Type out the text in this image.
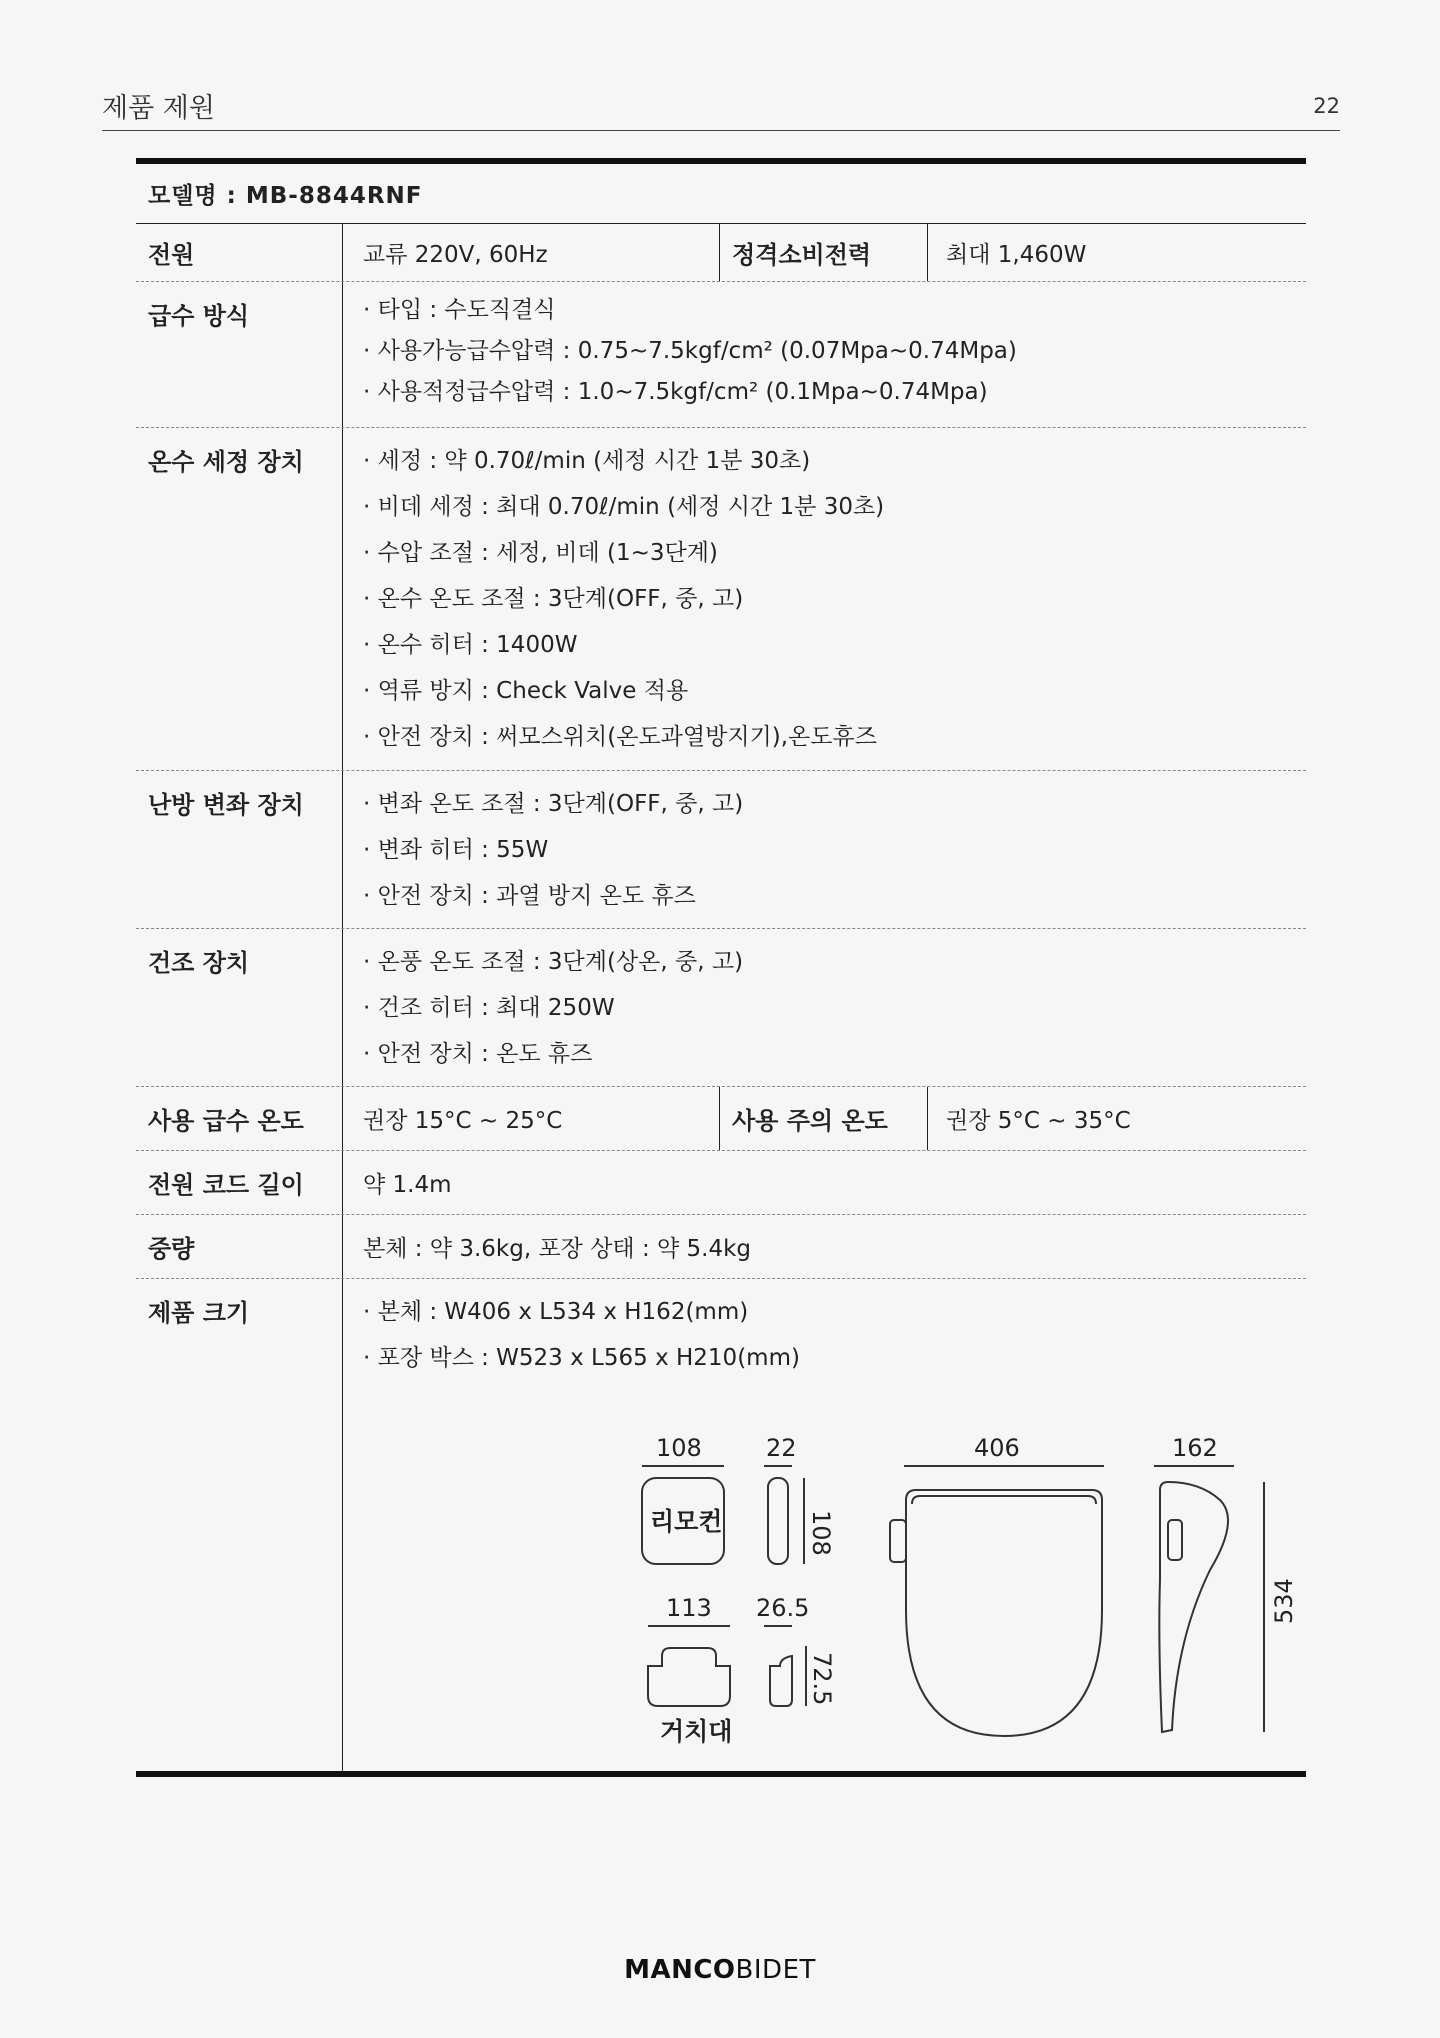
제품 제원	22
모델명 : MB-8844RNF
전원	교류 220V, 60Hz	정격소비전력	최대 1,460W
급수 방식	· 타입 : 수도직결식
· 사용가능급수압력 : 0.75~7.5kgf/cm² (0.07Mpa~0.74Mpa)
· 사용적정급수압력 : 1.0~7.5kgf/cm² (0.1Mpa~0.74Mpa)
온수 세정 장치	· 세정 : 약 0.70ℓ/min (세정 시간 1분 30초)
· 비데 세정 : 최대 0.70ℓ/min (세정 시간 1분 30초)
· 수압 조절 : 세정, 비데 (1~3단계)
· 온수 온도 조절 : 3단계(OFF, 중, 고)
· 온수 히터 : 1400W
· 역류 방지 : Check Valve 적용
· 안전 장치 : 써모스위치(온도과열방지기),온도휴즈
난방 변좌 장치	· 변좌 온도 조절 : 3단계(OFF, 중, 고)
· 변좌 히터 : 55W
· 안전 장치 : 과열 방지 온도 휴즈
건조 장치	· 온풍 온도 조절 : 3단계(상온, 중, 고)
· 건조 히터 : 최대 250W
· 안전 장치 : 온도 휴즈
사용 급수 온도	권장 15°C ~ 25°C	사용 주의 온도	권장 5°C ~ 35°C
전원 코드 길이	약 1.4m
중량	본체 : 약 3.6kg, 포장 상태 : 약 5.4kg
제품 크기	· 본체 : W406 x L534 x H162(mm)
· 포장 박스 : W523 x L565 x H210(mm)
108	22
108
리모컨
113 26.5
72.5
거치대
406	162
534
MANCOBIDET
